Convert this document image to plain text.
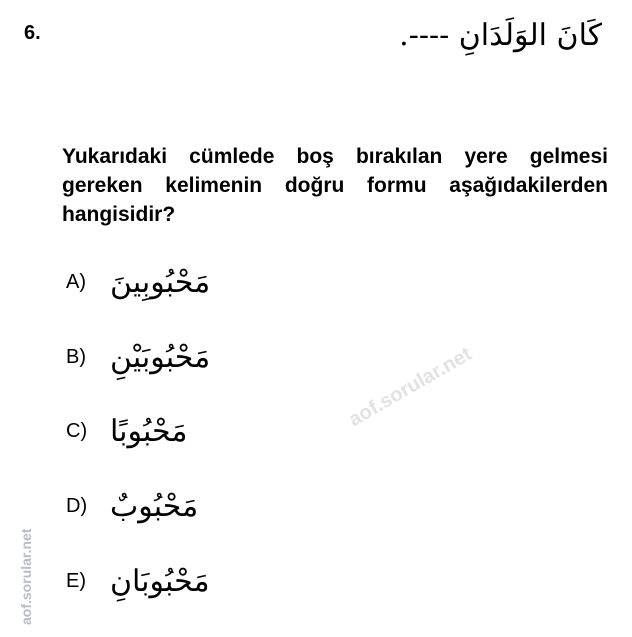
6.	كَانَ الوَلَدَانِ ----.
Yukarıdaki cümlede boş bırakılan yere gelmesi gereken kelimenin doğru formu aşağıdakilerden hangisidir?
A) مَحْبُوبِينَ
B) مَحْبُوبَيْنِ
C) مَحْبُوبًا
D) مَحْبُوبٌ
E) مَحْبُوبَانِ
aof.sorular.net
aof.sorular.net
